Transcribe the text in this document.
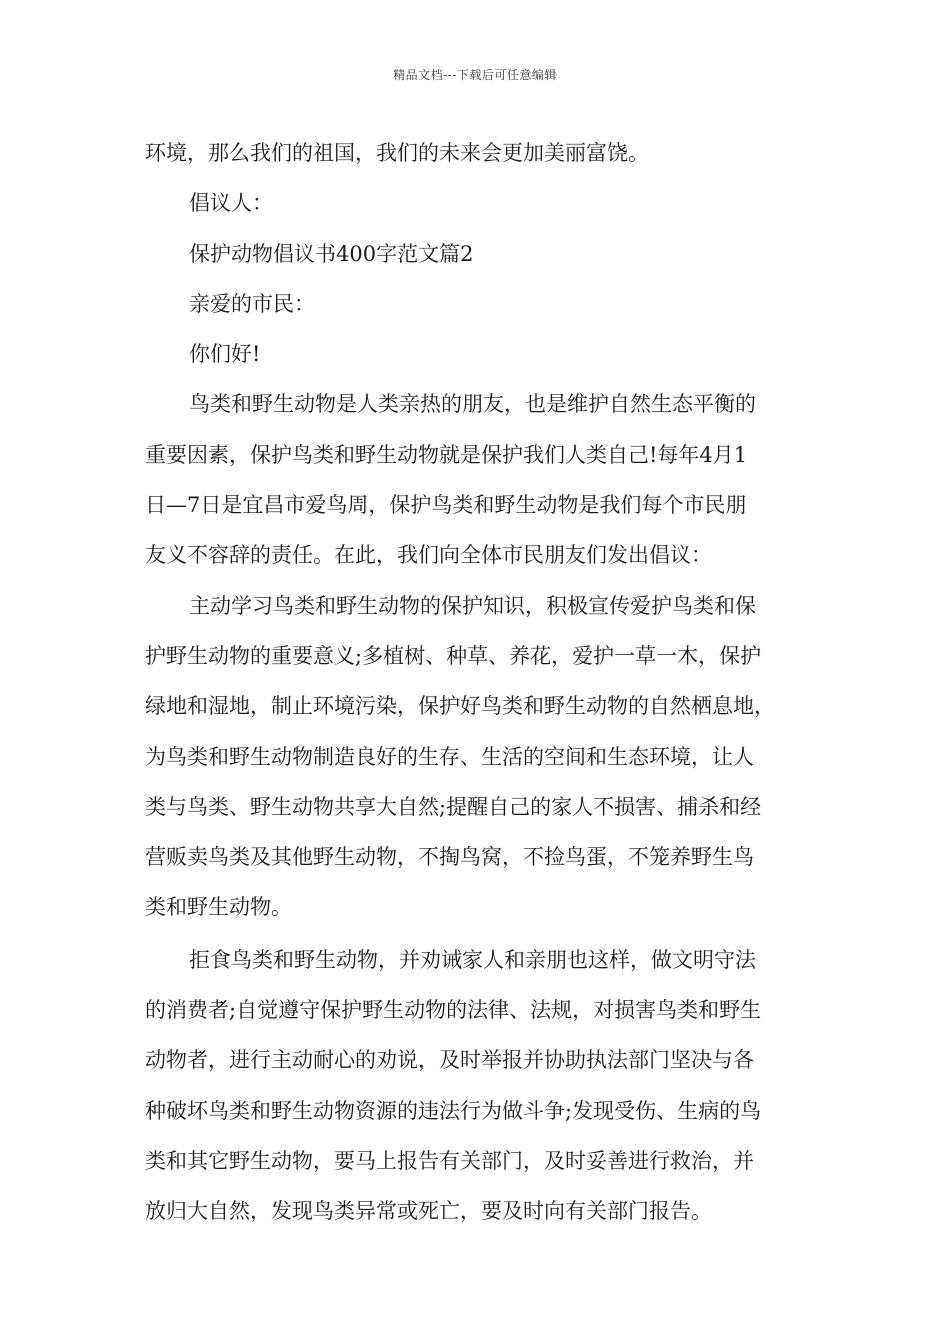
精品文档---下载后可任意编辑

环境，那么我们的祖国，我们的未来会更加美丽富饶。

倡议人：

保护动物倡议书400字范文篇2

亲爱的市民：

你们好!

鸟类和野生动物是人类亲热的朋友，也是维护自然生态平衡的

重要因素，保护鸟类和野生动物就是保护我们人类自己!每年4月1

日—7日是宜昌市爱鸟周，保护鸟类和野生动物是我们每个市民朋

友义不容辞的责任。在此，我们向全体市民朋友们发出倡议：

主动学习鸟类和野生动物的保护知识，积极宣传爱护鸟类和保

护野生动物的重要意义;多植树、种草、养花，爱护一草一木，保护

绿地和湿地，制止环境污染，保护好鸟类和野生动物的自然栖息地，

为鸟类和野生动物制造良好的生存、生活的空间和生态环境，让人

类与鸟类、野生动物共享大自然;提醒自己的家人不损害、捕杀和经

营贩卖鸟类及其他野生动物，不掏鸟窝，不捡鸟蛋，不笼养野生鸟

类和野生动物。

拒食鸟类和野生动物，并劝诫家人和亲朋也这样，做文明守法

的消费者;自觉遵守保护野生动物的法律、法规，对损害鸟类和野生

动物者，进行主动耐心的劝说，及时举报并协助执法部门坚决与各

种破坏鸟类和野生动物资源的违法行为做斗争;发现受伤、生病的鸟

类和其它野生动物，要马上报告有关部门，及时妥善进行救治，并

放归大自然，发现鸟类异常或死亡，要及时向有关部门报告。
